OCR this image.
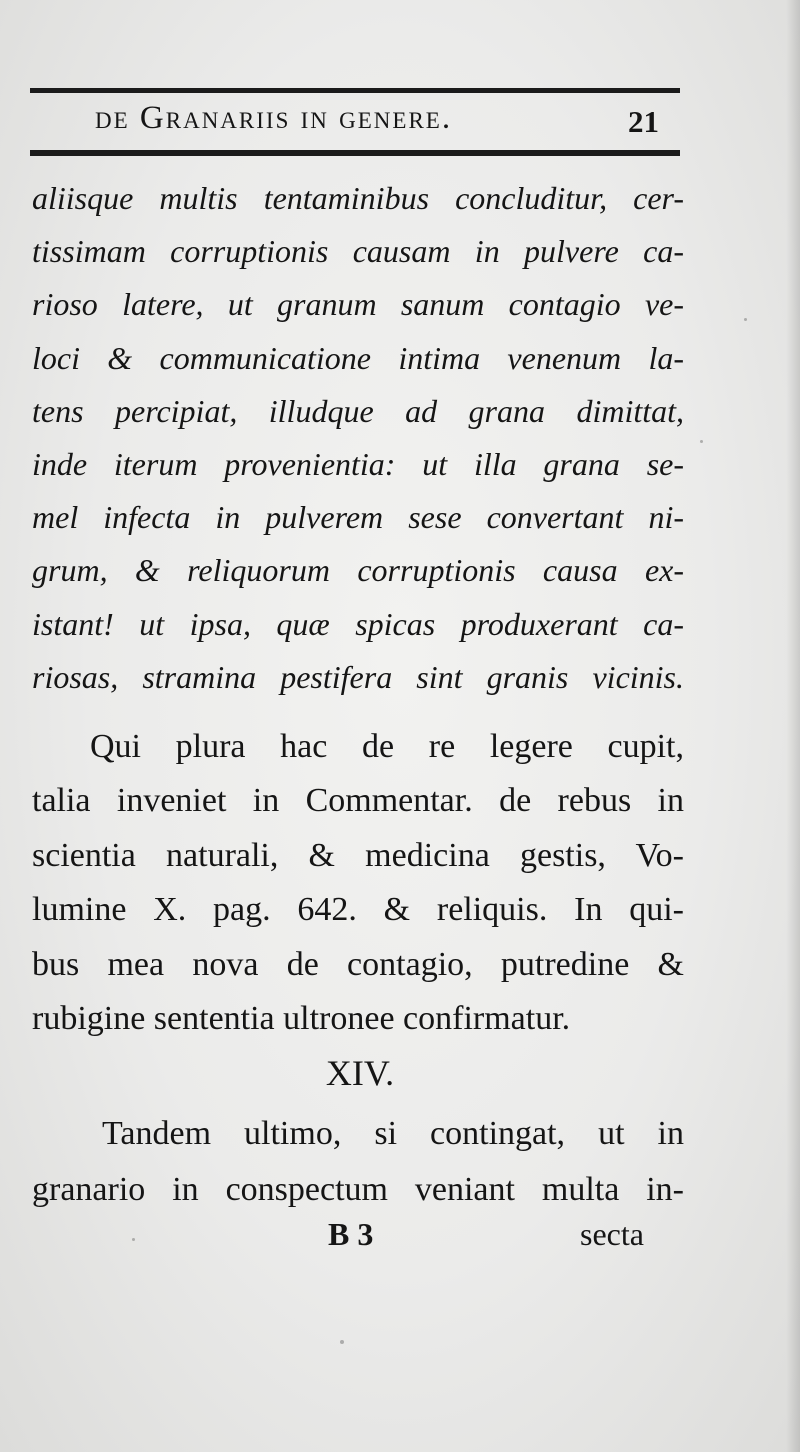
de Granariis in genere.	21
aliisque multis tentaminibus concluditur, cer-
tissimam corruptionis causam in pulvere ca-
rioso latere, ut granum sanum contagio ve-
loci & communicatione intima venenum la-
tens percipiat, illudque ad grana dimittat,
inde iterum provenientia: ut illa grana se-
mel infecta in pulverem sese convertant ni-
grum, & reliquorum corruptionis causa ex-
istant! ut ipsa, quæ spicas produxerant ca-
riosas, stramina pestifera sint granis vicinis.
Qui plura hac de re legere cupit,
talia inveniet in Commentar. de rebus in
scientia naturali, & medicina gestis, Vo-
lumine X. pag. 642. & reliquis. In qui-
bus mea nova de contagio, putredine &
rubigine sententia ultronee confirmatur.
XIV.
Tandem ultimo, si contingat, ut in
granario in conspectum veniant multa in-
B 3	secta
